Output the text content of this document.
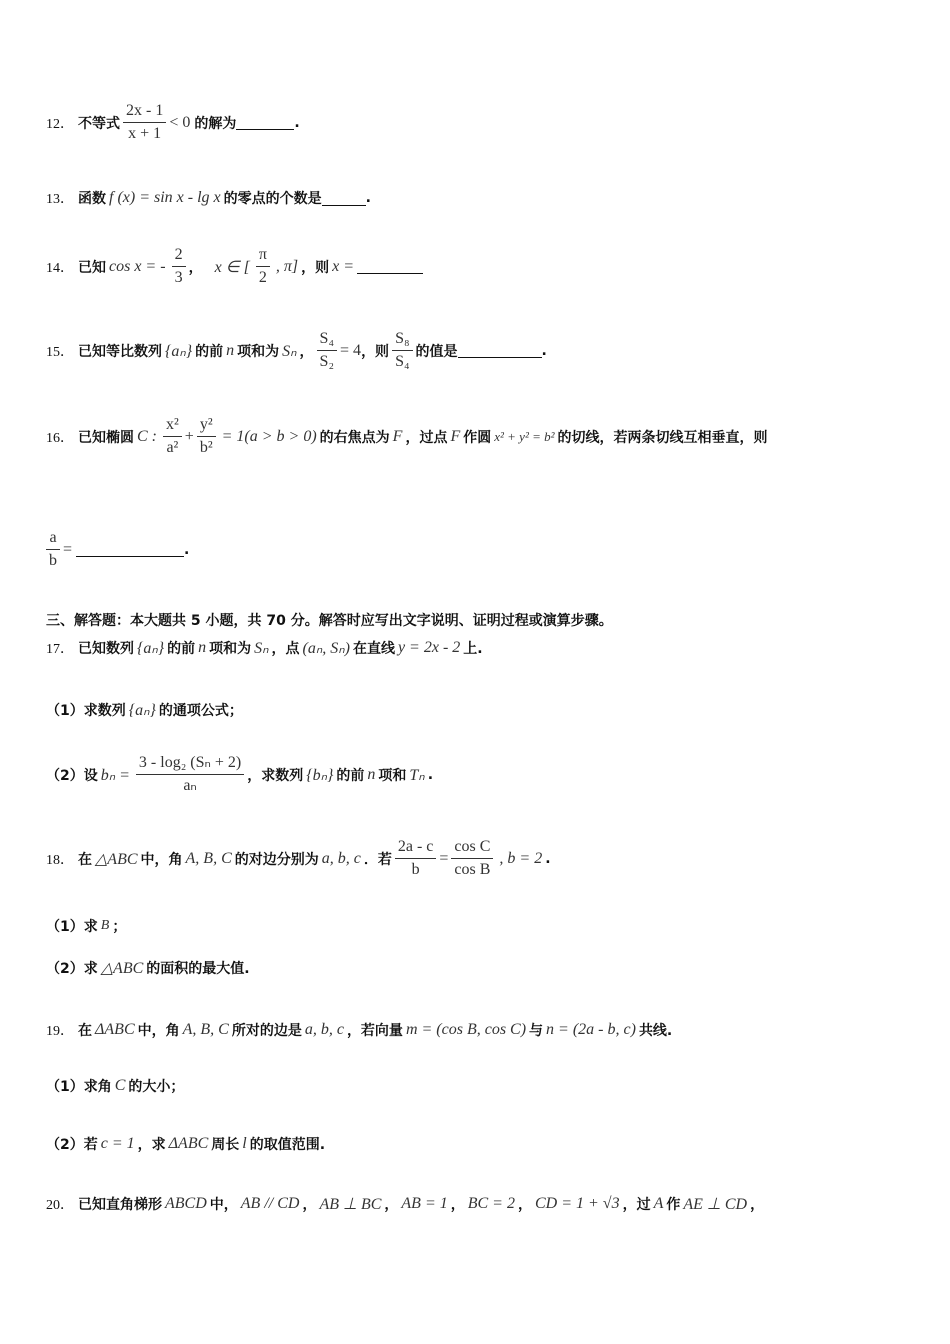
12． 不等式 $\frac{2x - 1}{x + 1} < 0$ 的解为	.
13． 函数 f (x) = sin x - lg x 的零点的个数是	.
14． 已知 cos x = - $\frac{2}{3}$ ， x ∈ [ $\frac{\pi}{2}$ , π] ，则 x =
15． 已知等比数列 {aₙ} 的前 n 项和为 Sₙ ， $\frac{\text{S₄}}{\text{S₂}} = 4$ ，则 $\frac{\text{S₈}}{\text{S₄}}$ 的值是	.
16． 已知椭圆 C : $\frac{\text{x²}}{\text{a²}} + \frac{\text{y²}}{\text{b²}} = 1(a > b > 0)$ 的右焦点为 F ，过点 F 作圆 x² + y² = b² 的切线，若两条切线互相垂直，则
$\frac{a}{b}$ =	.
三、解答题：本大题共 5 小题，共 70 分。解答时应写出文字说明、证明过程或演算步骤。
17． 已知数列 {aₙ} 的前 n 项和为 Sₙ ，点 (aₙ, Sₙ) 在直线 y = 2x - 2 上.
（1）求数列 {aₙ} 的通项公式；
（2）设 $b_n = \frac{\text{3 - log₂ (Sₙ + 2)}}{\text{aₙ}}$ ，求数列 {bₙ} 的前 n 项和 Tₙ .
18． 在 △ABC 中，角 A, B, C 的对边分别为 a, b, c ．若 $\frac{2a - c}{b} = \frac{\text{cos C}}{\text{cos B}}$ , b = 2 .
（1）求 B ；
（2）求 △ABC 的面积的最大值.
19． 在 ΔABC 中，角 A, B, C 所对的边是 a, b, c ，若向量 m = (cos B, cos C) 与 n = (2a - b, c) 共线.
（1）求角 C 的大小；
（2）若 c = 1 ，求 ΔABC 周长 l 的取值范围.
20． 已知直角梯形 ABCD 中， AB // CD ， AB ⊥ BC ， AB = 1 ， BC = 2 ， CD = 1 + √3 ，过 A 作 AE ⊥ CD ，
